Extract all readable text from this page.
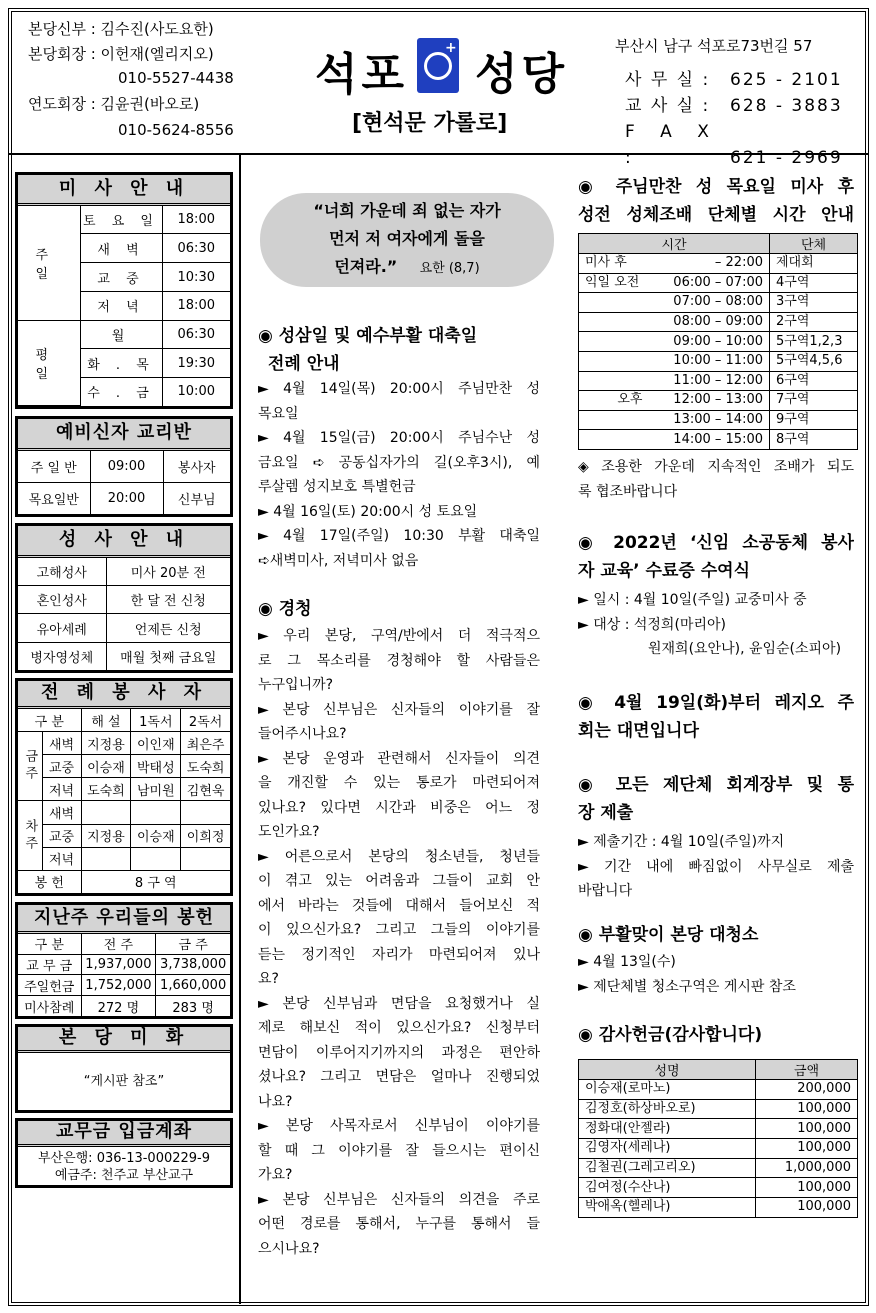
본당신부 : 김수진(사도요한)
본당회장 : 이헌재(엘리지오)
010-5527-4438
연도회장 : 김윤권(바오로)
010-5624-8556
석포
+
성당
[현석문 가롤로]
부산시 남구 석포로73번길 57
사 무 실 : 625 - 2101
교 사 실 : 628 - 3883
F A X :	621 - 2969
미 사 안 내
주 일	토 요 일	18:00
	새 벽	06:30
	교 중	10:30
	저 녁	18:00
평 일	월	06:30
	화 . 목	19:30
	수 . 금	10:00
예비신자 교리반
주 일 반	09:00	봉사자
목요일반	20:00	신부님
성 사 안 내
고해성사	미사 20분 전
혼인성사	한 달 전 신청
유아세례	언제든 신청
병자영성체	매월 첫째 금요일
전 례 봉 사 자
구 분		해 설	1독서	2독서
금주	새벽	지정용	이인재	최은주
	교중	이승재	박태성	도숙희
	저녁	도숙희	남미원	김현욱
차주	새벽			
	교중	지정용	이승재	이희정
	저녁			
봉 헌		8 구 역		
지난주 우리들의 봉헌
구 분	전 주	금 주
교 무 금	1,937,000	3,738,000
주일헌금	1,752,000	1,660,000
미사참례	272 명	283 명
본 당 미 화
“게시판 참조”
교무금 입금계좌
부산은행: 036-13-000229-9
예금주: 천주교 부산교구
“너희 가운데 죄 없는 자가
먼저 저 여자에게 돌을
던져라.” 요한 (8,7)
◉ 성삼일 및 예수부활 대축일
전례 안내
► 4월 14일(목) 20:00시 주님만찬 성
목요일
► 4월 15일(금) 20:00시 주님수난 성
금요일 ➪ 공동십자가의 길(오후3시), 예
루살렘 성지보호 특별헌금
► 4월 16일(토) 20:00시 성 토요일
► 4월 17일(주일) 10:30 부활 대축일
➪새벽미사, 저녁미사 없음
◉ 경청
► 우리 본당, 구역/반에서 더 적극적으
로 그 목소리를 경청해야 할 사람들은
누구입니까?
► 본당 신부님은 신자들의 이야기를 잘
들어주시나요?
► 본당 운영과 관련해서 신자들이 의견
을 개진할 수 있는 통로가 마련되어져
있나요? 있다면 시간과 비중은 어느 정
도인가요?
► 어른으로서 본당의 청소년들, 청년들
이 겪고 있는 어려움과 그들이 교회 안
에서 바라는 것들에 대해서 들어보신 적
이 있으신가요? 그리고 그들의 이야기를
듣는 정기적인 자리가 마련되어져 있나
요?
► 본당 신부님과 면담을 요청했거나 실
제로 해보신 적이 있으신가요? 신청부터
면담이 이루어지기까지의 과정은 편안하
셨나요? 그리고 면담은 얼마나 진행되었
나요?
► 본당 사목자로서 신부님이 이야기를
할 때 그 이야기를 잘 들으시는 편이신
가요?
► 본당 신부님은 신자들의 의견을 주로
어떤 경로를 통해서, 누구를 통해서 들
으시나요?
◉ 주님만찬 성 목요일 미사 후
성전 성체조배 단체별 시간 안내
시간		단체
미사 후	– 22:00	제대회
익일 오전	06:00 – 07:00	4구역
	07:00 – 08:00	3구역
	08:00 – 09:00	2구역
	09:00 – 10:00	5구역1,2,3
	10:00 – 11:00	5구역4,5,6
	11:00 – 12:00	6구역
오후	12:00 – 13:00	7구역
	13:00 – 14:00	9구역
	14:00 – 15:00	8구역
◈ 조용한 가운데 지속적인 조배가 되도
록 협조바랍니다
◉ 2022년 ‘신임 소공동체 봉사
자 교육’ 수료증 수여식
► 일시 : 4월 10일(주일) 교중미사 중
► 대상 : 석정희(마리아)
원재희(요안나), 윤임순(소피아)
◉ 4월 19일(화)부터 레지오 주
회는 대면입니다
◉ 모든 제단체 회계장부 및 통
장 제출
► 제출기간 : 4월 10일(주일)까지
► 기간 내에 빠짐없이 사무실로 제출
바랍니다
◉ 부활맞이 본당 대청소
► 4월 13일(수)
► 제단체별 청소구역은 게시판 참조
◉ 감사헌금(감사합니다)
성명	금액
이승재(로마노)	200,000
김정호(하상바오로)	100,000
정화대(안젤라)	100,000
김영자(세레나)	100,000
김철권(그레고리오)	1,000,000
김여정(수산나)	100,000
박애옥(헬레나)	100,000
